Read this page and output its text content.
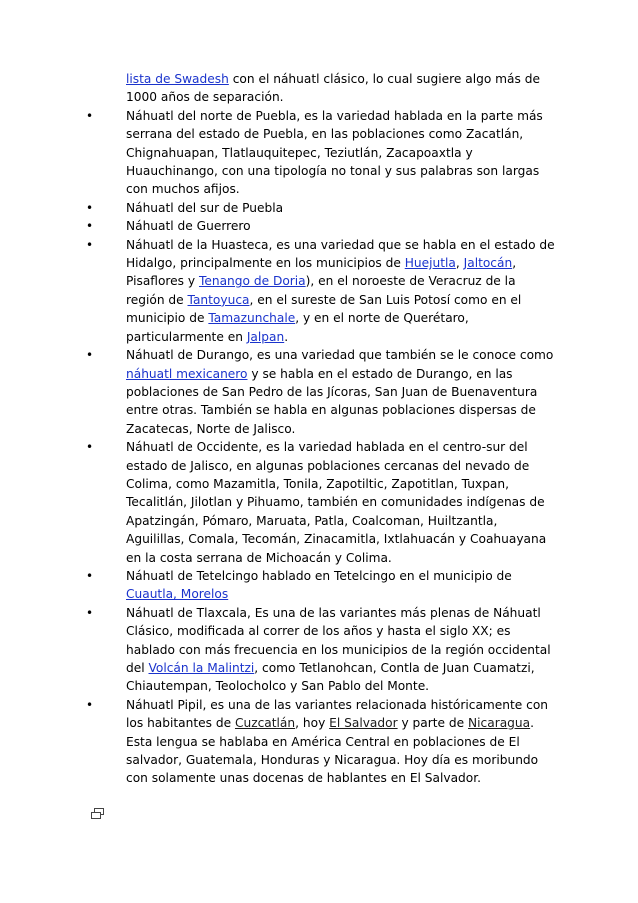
lista de Swadesh con el náhuatl clásico, lo cual sugiere algo más de 1000 años de separación.

•	Náhuatl del norte de Puebla, es la variedad hablada en la parte más serrana del estado de Puebla, en las poblaciones como Zacatlán, Chignahuapan, Tlatlauquitepec, Teziutlán, Zacapoaxtla y Huauchinango, con una tipología no tonal y sus palabras son largas con muchos afijos.
•	Náhuatl del sur de Puebla
•	Náhuatl de Guerrero
•	Náhuatl de la Huasteca, es una variedad que se habla en el estado de Hidalgo, principalmente en los municipios de Huejutla, Jaltocán, Pisaflores y Tenango de Doria), en el noroeste de Veracruz de la región de Tantoyuca, en el sureste de San Luis Potosí como en el municipio de Tamazunchale, y en el norte de Querétaro, particularmente en Jalpan.
•	Náhuatl de Durango, es una variedad que también se le conoce como náhuatl mexicanero y se habla en el estado de Durango, en las poblaciones de San Pedro de las Jícoras, San Juan de Buenaventura entre otras. También se habla en algunas poblaciones dispersas de Zacatecas, Norte de Jalisco.
•	Náhuatl de Occidente, es la variedad hablada en el centro-sur del estado de Jalisco, en algunas poblaciones cercanas del nevado de Colima, como Mazamitla, Tonila, Zapotiltic, Zapotitlan, Tuxpan, Tecalitlán, Jilotlan y Pihuamo, también en comunidades indígenas de Apatzingán, Pómaro, Maruata, Patla, Coalcoman, Huiltzantla, Aguilillas, Comala, Tecomán, Zinacamitla, Ixtlahuacán y Coahuayana en la costa serrana de Michoacán y Colima.
•	Náhuatl de Tetelcingo hablado en Tetelcingo en el municipio de Cuautla, Morelos
•	Náhuatl de Tlaxcala, Es una de las variantes más plenas de Náhuatl Clásico, modificada al correr de los años y hasta el siglo XX; es hablado con más frecuencia en los municipios de la región occidental del Volcán la Malintzi, como Tetlanohcan, Contla de Juan Cuamatzi, Chiautempan, Teolocholco y San Pablo del Monte.
•	Náhuatl Pipil, es una de las variantes relacionada históricamente con los habitantes de Cuzcatlán, hoy El Salvador y parte de Nicaragua. Esta lengua se hablaba en América Central en poblaciones de El salvador, Guatemala, Honduras y Nicaragua. Hoy día es moribundo con solamente unas docenas de hablantes en El Salvador.
